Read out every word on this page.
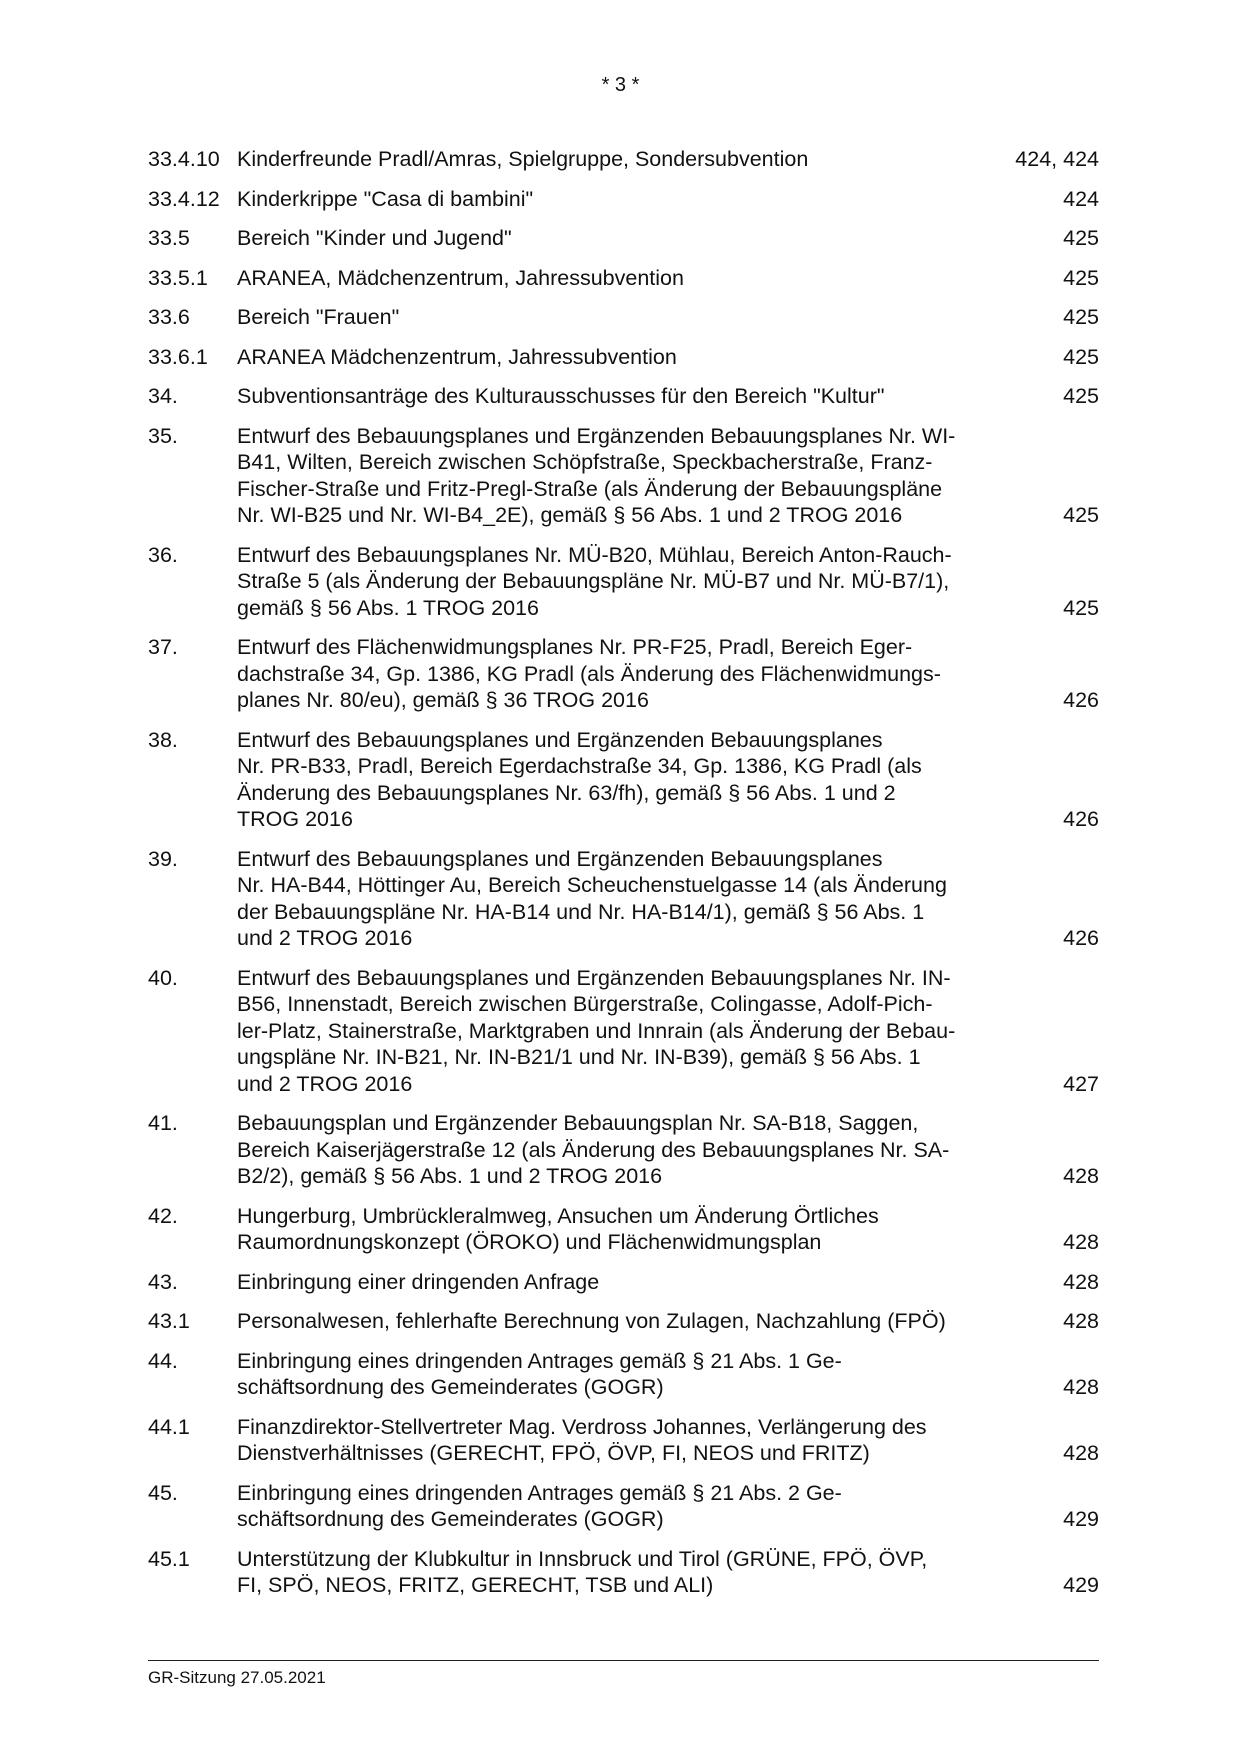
* 3 *
33.4.10 Kinderfreunde Pradl/Amras, Spielgruppe, Sondersubvention	424, 424
33.4.12 Kinderkrippe "Casa di bambini"	424
33.5	Bereich "Kinder und Jugend"	425
33.5.1	ARANEA, Mädchenzentrum, Jahressubvention	425
33.6	Bereich "Frauen"	425
33.6.1	ARANEA Mädchenzentrum, Jahressubvention	425
34.	Subventionsanträge des Kulturausschusses für den Bereich "Kultur"	425
35.	Entwurf des Bebauungsplanes und Ergänzenden Bebauungsplanes Nr. WI-
B41, Wilten, Bereich zwischen Schöpfstraße, Speckbacherstraße, Franz-
Fischer-Straße und Fritz-Pregl-Straße (als Änderung der Bebauungspläne
Nr. WI-B25 und Nr. WI-B4_2E), gemäß § 56 Abs. 1 und 2 TROG 2016	425
36.	Entwurf des Bebauungsplanes Nr. MÜ-B20, Mühlau, Bereich Anton-Rauch-
Straße 5 (als Änderung der Bebauungspläne Nr. MÜ-B7 und Nr. MÜ-B7/1),
gemäß § 56 Abs. 1 TROG 2016	425
37.	Entwurf des Flächenwidmungsplanes Nr. PR-F25, Pradl, Bereich Eger-
dachstraße 34, Gp. 1386, KG Pradl (als Änderung des Flächenwidmungs-
planes Nr. 80/eu), gemäß § 36 TROG 2016	426
38.	Entwurf des Bebauungsplanes und Ergänzenden Bebauungsplanes
Nr. PR-B33, Pradl, Bereich Egerdachstraße 34, Gp. 1386, KG Pradl (als
Änderung des Bebauungsplanes Nr. 63/fh), gemäß § 56 Abs. 1 und 2
TROG 2016	426
39.	Entwurf des Bebauungsplanes und Ergänzenden Bebauungsplanes
Nr. HA-B44, Höttinger Au, Bereich Scheuchenstuelgasse 14 (als Änderung
der Bebauungspläne Nr. HA-B14 und Nr. HA-B14/1), gemäß § 56 Abs. 1
und 2 TROG 2016	426
40.	Entwurf des Bebauungsplanes und Ergänzenden Bebauungsplanes Nr. IN-
B56, Innenstadt, Bereich zwischen Bürgerstraße, Colingasse, Adolf-Pich-
ler-Platz, Stainerstraße, Marktgraben und Innrain (als Änderung der Bebau-
ungspläne Nr. IN-B21, Nr. IN-B21/1 und Nr. IN-B39), gemäß § 56 Abs. 1
und 2 TROG 2016	427
41.	Bebauungsplan und Ergänzender Bebauungsplan Nr. SA-B18, Saggen,
Bereich Kaiserjägerstraße 12 (als Änderung des Bebauungsplanes Nr. SA-
B2/2), gemäß § 56 Abs. 1 und 2 TROG 2016	428
42.	Hungerburg, Umbrückleralmweg, Ansuchen um Änderung Örtliches
Raumordnungskonzept (ÖROKO) und Flächenwidmungsplan	428
43.	Einbringung einer dringenden Anfrage	428
43.1	Personalwesen, fehlerhafte Berechnung von Zulagen, Nachzahlung (FPÖ)	428
44.	Einbringung eines dringenden Antrages gemäß § 21 Abs. 1 Ge-
schäftsordnung des Gemeinderates (GOGR)	428
44.1	Finanzdirektor-Stellvertreter Mag. Verdross Johannes, Verlängerung des
Dienstverhältnisses (GERECHT, FPÖ, ÖVP, FI, NEOS und FRITZ)	428
45.	Einbringung eines dringenden Antrages gemäß § 21 Abs. 2 Ge-
schäftsordnung des Gemeinderates (GOGR)	429
45.1	Unterstützung der Klubkultur in Innsbruck und Tirol (GRÜNE, FPÖ, ÖVP,
FI, SPÖ, NEOS, FRITZ, GERECHT, TSB und ALI)	429
GR-Sitzung 27.05.2021
